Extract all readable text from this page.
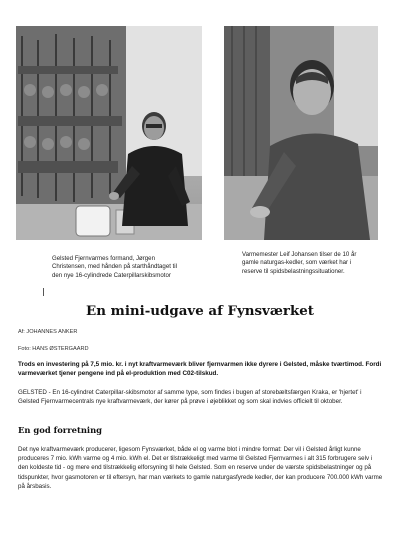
Gelsted Fjernvarmes formand, Jørgen Christensen, med hånden på starthåndtaget til den nye 16-cylindrede Caterpillarskibsmotor

Varmemester Leif Johansen tilser de 10 år gamle naturgas-kedler, som værket har i reserve til spidsbelastningssituationer.

En mini-udgave af Fynsværket

Af: JOHANNES ANKER

Foto: HANS ØSTERGAARD

Trods en investering på 7,5 mio. kr. i nyt kraftvarmeværk bliver fjernvarmen ikke dyrere i Gelsted, måske tværtimod. Fordi varmeværket tjener pengene ind på el-produktion med C02-tilskud.

GELSTED - En 16-cylindret Caterpillar-skibsmotor af samme type, som findes i bugen af storebæltsfærgen Kraka, er 'hjertet' i Gelsted Fjernvarmecentrals nye kraftvarmeværk, der kører på prøve i øjeblikket og som skal indvies officielt til oktober.

En god forretning

Det nye kraftvarmeværk producerer, ligesom Fynsværket, både el og varme blot i mindre format: Der vil i Gelsted årligt kunne produceres 7 mio. kWh varme og 4 mio. kWh el. Det er tilstrækkeligt med varme til Gelsted Fjernvarmes i alt 315 forbrugere selv i den koldeste tid - og mere end tilstrækkelig elforsyning til hele Gelsted. Som en reserve under de værste spidsbelastninger og på tidspunkter, hvor gasmotoren er til eftersyn, har man værkets to gamle naturgasfyrede kedler, der kan producere 700.000 kWh varme på årsbasis.
